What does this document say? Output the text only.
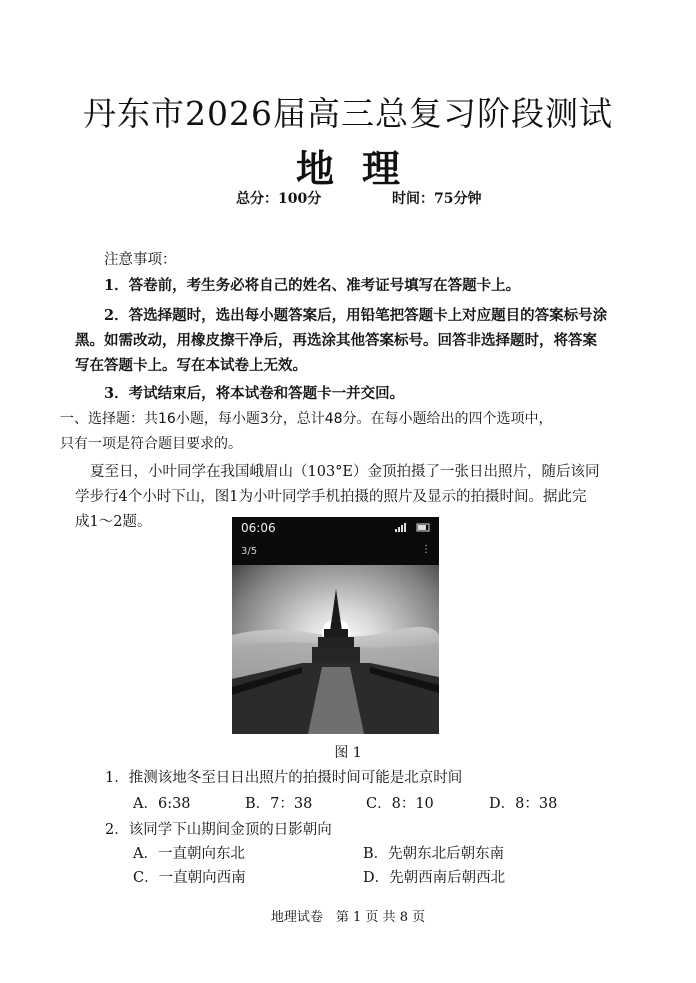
丹东市2026届高三总复习阶段测试
地理
总分：100分	时间：75分钟
注意事项：
1．答卷前，考生务必将自己的姓名、准考证号填写在答题卡上。
2．答选择题时，选出每小题答案后，用铅笔把答题卡上对应题目的答案标号涂
黑。如需改动，用橡皮擦干净后，再选涂其他答案标号。回答非选择题时，将答案
写在答题卡上。写在本试卷上无效。
3．考试结束后，将本试卷和答题卡一并交回。
一、选择题：共16小题，每小题3分，总计48分。在每小题给出的四个选项中，
只有一项是符合题目要求的。
夏至日，小叶同学在我国峨眉山（103°E）金顶拍摄了一张日出照片，随后该同
学步行4个小时下山，图1为小叶同学手机拍摄的照片及显示的拍摄时间。据此完
成1～2题。	06:06
3/5	⋮
图 1
1．推测该地冬至日日出照片的拍摄时间可能是北京时间
A．6:38	B．7：38	C．8：10	D．8：38
2．该同学下山期间金顶的日影朝向
A．一直朝向东北	B．先朝东北后朝东南
C．一直朝向西南	D．先朝西南后朝西北
地理试卷　第 1 页 共 8 页
